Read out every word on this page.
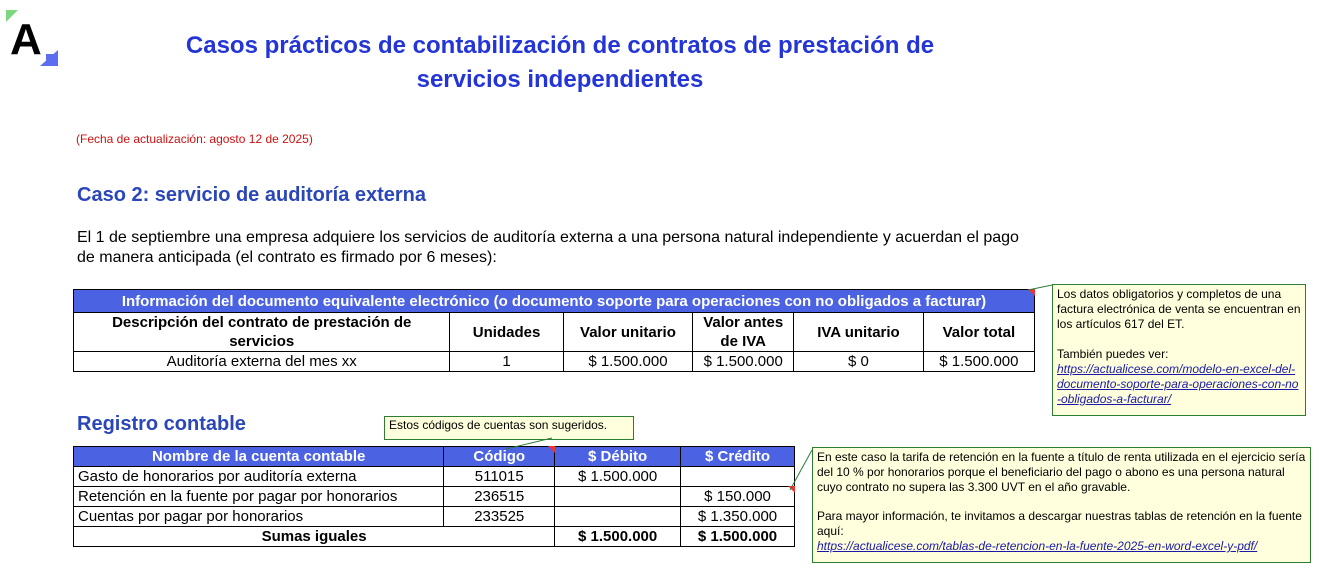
A	Casos prácticos de contabilización de contratos de prestación de
servicios independientes
(Fecha de actualización: agosto 12 de 2025)
Caso 2: servicio de auditoría externa
El 1 de septiembre una empresa adquiere los servicios de auditoría externa a una persona natural independiente y acuerdan el pago de manera anticipada (el contrato es firmado por 6 meses):
Información del documento equivalente electrónico (o documento soporte para operaciones con no obligados a facturar)					
Descripción del contrato de prestación de servicios	Unidades	Valor unitario	Valor antes de IVA	IVA unitario	Valor total
Auditoría externa del mes xx	1	$ 1.500.000	$ 1.500.000	$ 0	$ 1.500.000
Registro contable
Nombre de la cuenta contable	Código	$ Débito	$ Crédito
Gasto de honorarios por auditoría externa	511015	$ 1.500.000	
Retención en la fuente por pagar por honorarios	236515		$ 150.000
Cuentas por pagar por honorarios	233525		$ 1.350.000
Sumas iguales		$ 1.500.000	$ 1.500.000
Los datos obligatorios y completos de una factura electrónica de venta se encuentran en los artículos 617 del ET.
También puedes ver:
https://actualicese.com/modelo-en-excel-del-documento-soporte-para-operaciones-con-no-obligados-a-facturar/
Estos códigos de cuentas son sugeridos.
En este caso la tarifa de retención en la fuente a título de renta utilizada en el ejercicio sería del 10 % por honorarios porque el beneficiario del pago o abono es una persona natural cuyo contrato no supera las 3.300 UVT en el año gravable.
Para mayor información, te invitamos a descargar nuestras tablas de retención en la fuente aquí:
https://actualicese.com/tablas-de-retencion-en-la-fuente-2025-en-word-excel-y-pdf/
